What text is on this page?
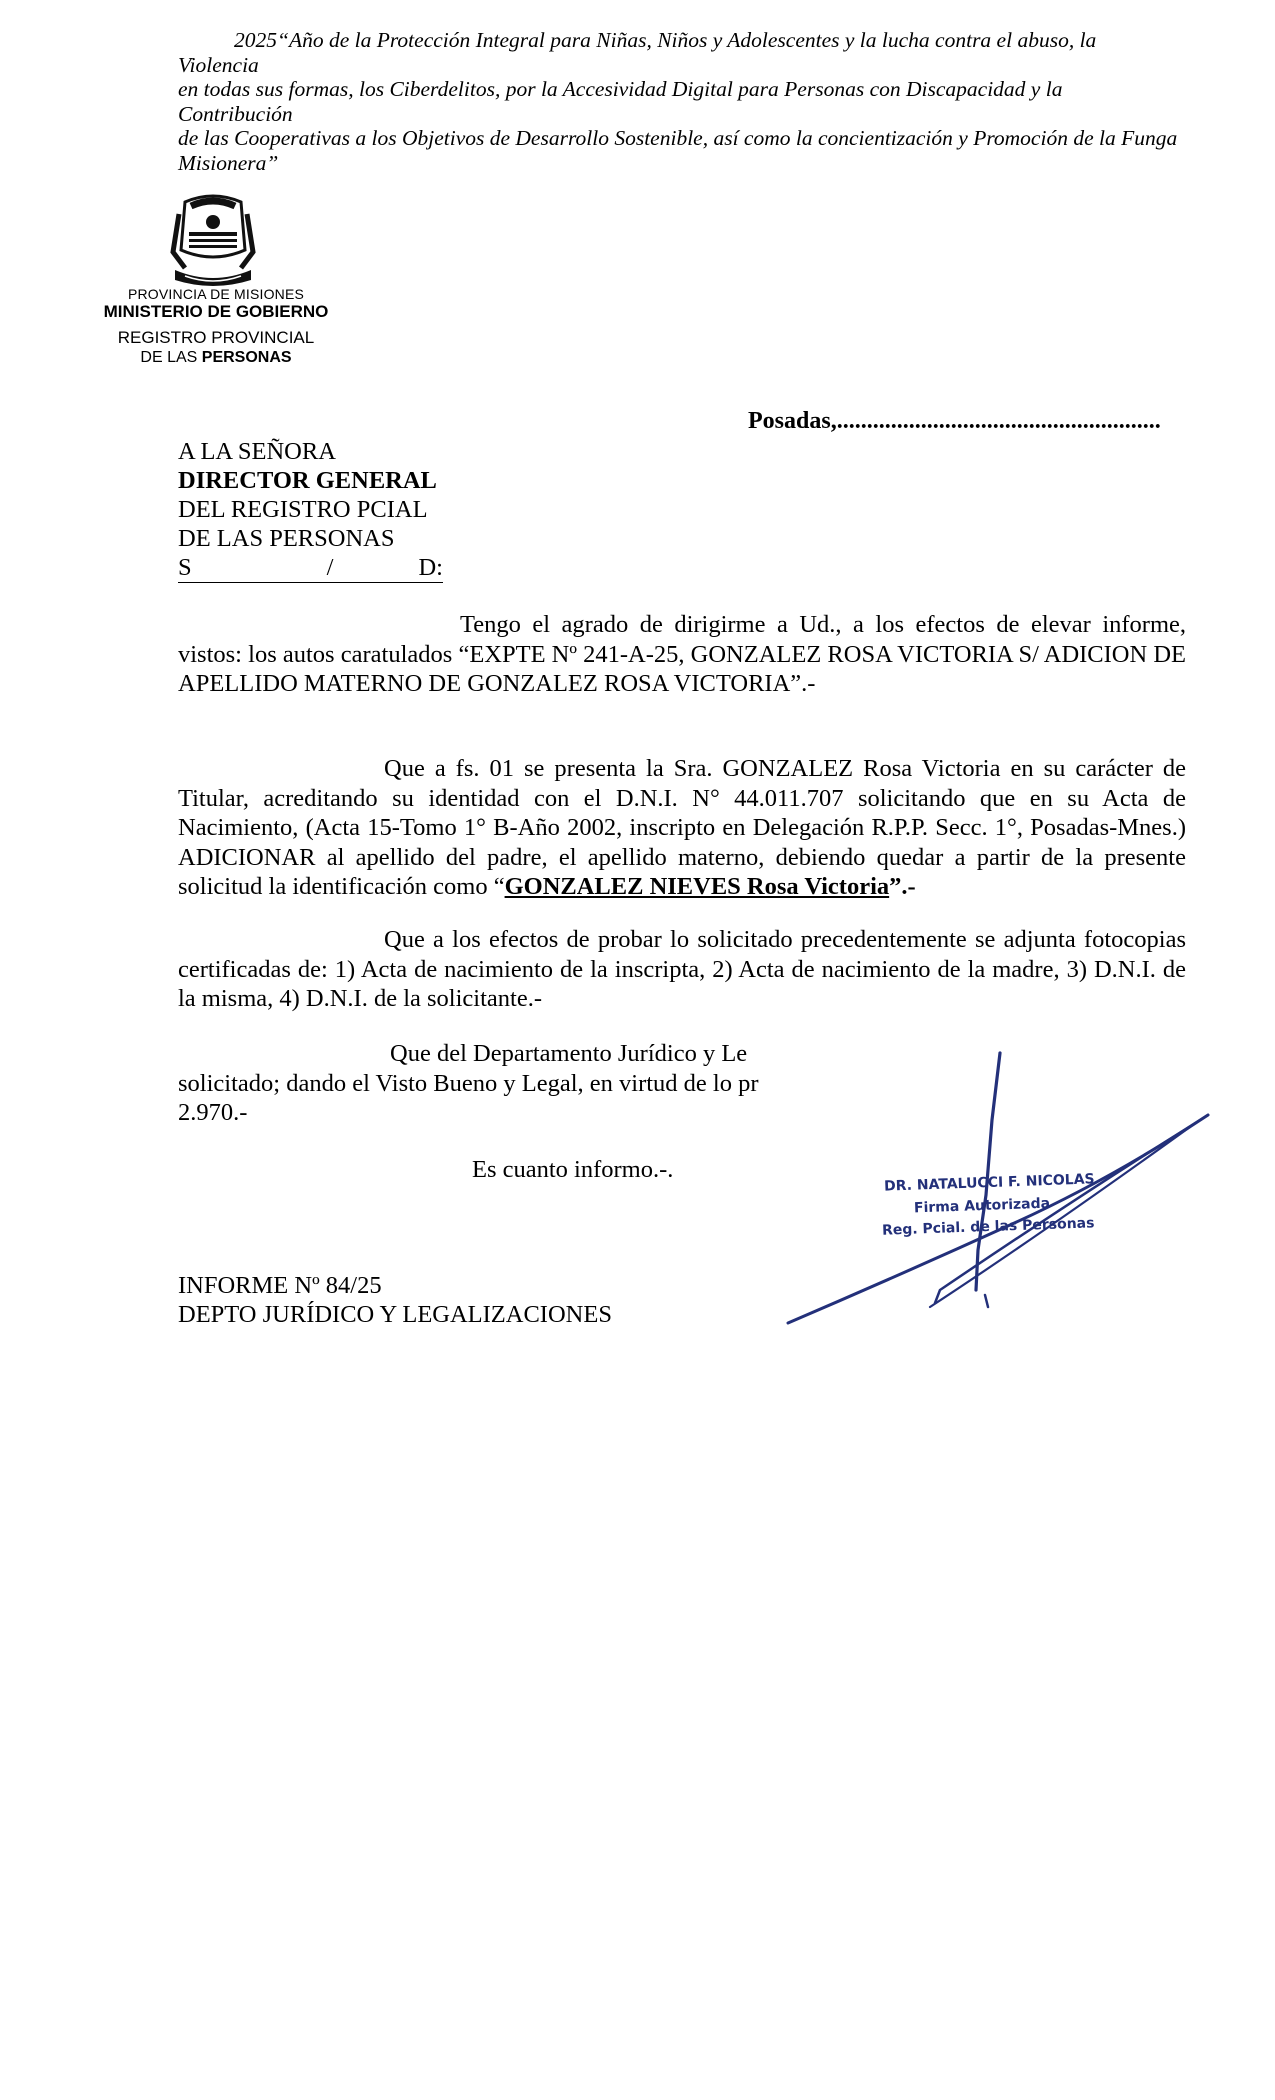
2025“Año de la Protección Integral para Niñas, Niños y Adolescentes y la lucha contra el abuso, la Violencia
en todas sus formas, los Ciberdelitos, por la Accesividad Digital para Personas con Discapacidad y la Contribución
de las Cooperativas a los Objetivos de Desarrollo Sostenible, así como la concientización y Promoción de la Funga
Misionera”
PROVINCIA DE MISIONES
MINISTERIO DE GOBIERNO
REGISTRO PROVINCIAL
DE LAS PERSONAS
Posadas,......................................................
A LA SEÑORA
DIRECTOR GENERAL
DEL REGISTRO PCIAL
DE LAS PERSONAS
S	/	D:
Tengo el agrado de dirigirme a Ud., a los efectos de elevar informe, vistos: los autos caratulados “EXPTE Nº 241-A-25, GONZALEZ ROSA VICTORIA S/ ADICION DE APELLIDO MATERNO DE GONZALEZ ROSA VICTORIA”.-
Que a fs. 01 se presenta la Sra. GONZALEZ Rosa Victoria en su carácter de Titular, acreditando su identidad con el D.N.I. N° 44.011.707 solicitando que en su Acta de Nacimiento, (Acta 15-Tomo 1° B-Año 2002, inscripto en Delegación R.P.P. Secc. 1°, Posadas-Mnes.) ADICIONAR al apellido del padre, el apellido materno, debiendo quedar a partir de la presente solicitud la identificación como “GONZALEZ NIEVES Rosa Victoria”.-
Que a los efectos de probar lo solicitado precedentemente se adjunta fotocopias certificadas de: 1) Acta de nacimiento de la inscripta, 2) Acta de nacimiento de la madre, 3) D.N.I. de la misma, 4) D.N.I. de la solicitante.-
Que del Departamento Jurídico y Le
solicitado; dando el Visto Bueno y Legal, en virtud de lo pr
2.970.-
Es cuanto informo.-.
INFORME Nº 84/25
DEPTO JURÍDICO Y LEGALIZACIONES
DR. NATALUCCI F. NICOLAS
Firma Autorizada
Reg. Pcial. de las Personas
